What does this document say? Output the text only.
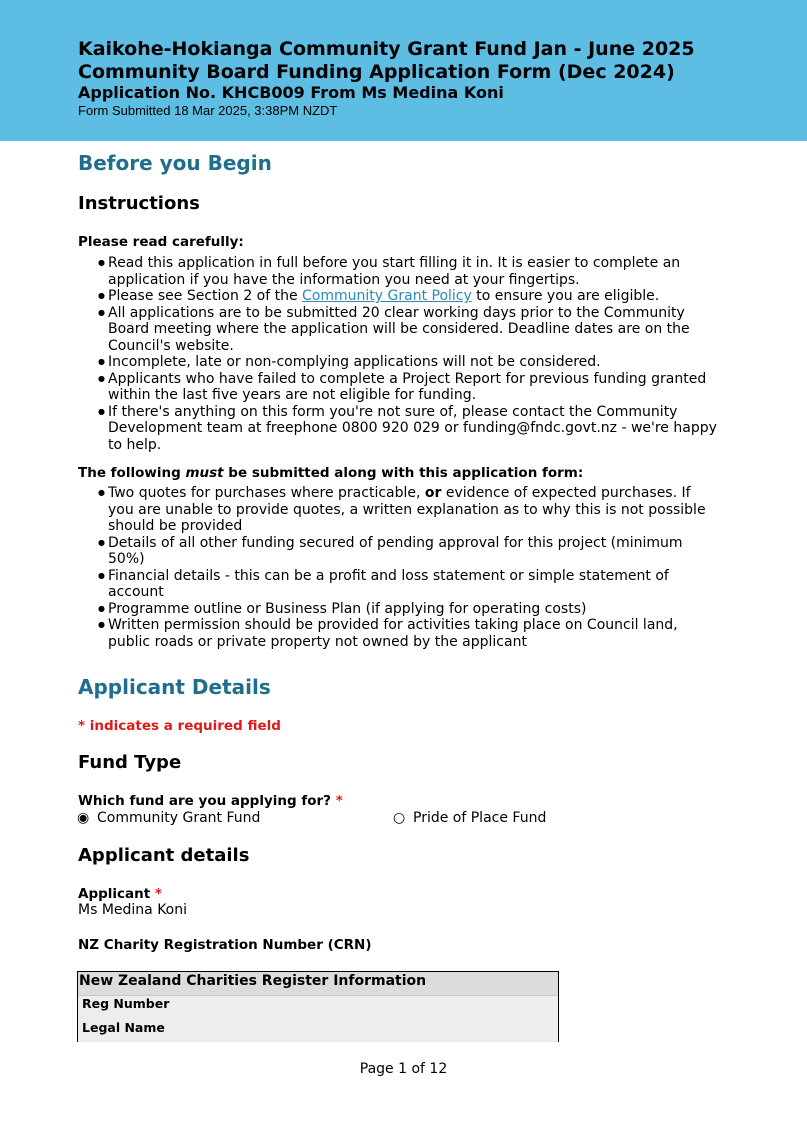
Kaikohe-Hokianga Community Grant Fund Jan - June 2025
Community Board Funding Application Form (Dec 2024)
Application No. KHCB009 From Ms Medina Koni
Form Submitted 18 Mar 2025, 3:38PM NZDT
Before you Begin
Instructions
Please read carefully:
● Read this application in full before you start filling it in. It is easier to complete an application if you have the information you need at your fingertips.
● Please see Section 2 of the Community Grant Policy to ensure you are eligible.
● All applications are to be submitted 20 clear working days prior to the Community Board meeting where the application will be considered. Deadline dates are on the Council's website.
● Incomplete, late or non-complying applications will not be considered.
● Applicants who have failed to complete a Project Report for previous funding granted within the last five years are not eligible for funding.
● If there's anything on this form you're not sure of, please contact the Community Development team at freephone 0800 920 029 or funding@fndc.govt.nz - we're happy to help.
The following must be submitted along with this application form:
● Two quotes for purchases where practicable, or evidence of expected purchases. If you are unable to provide quotes, a written explanation as to why this is not possible should be provided
● Details of all other funding secured of pending approval for this project (minimum 50%)
● Financial details - this can be a profit and loss statement or simple statement of account
● Programme outline or Business Plan (if applying for operating costs)
● Written permission should be provided for activities taking place on Council land, public roads or private property not owned by the applicant
Applicant Details
* indicates a required field
Fund Type
Which fund are you applying for? *
◉ Community Grant Fund	○ Pride of Place Fund
Applicant details
Applicant *
Ms Medina Koni
NZ Charity Registration Number (CRN)
New Zealand Charities Register Information
Reg Number
Legal Name
Page 1 of 12
